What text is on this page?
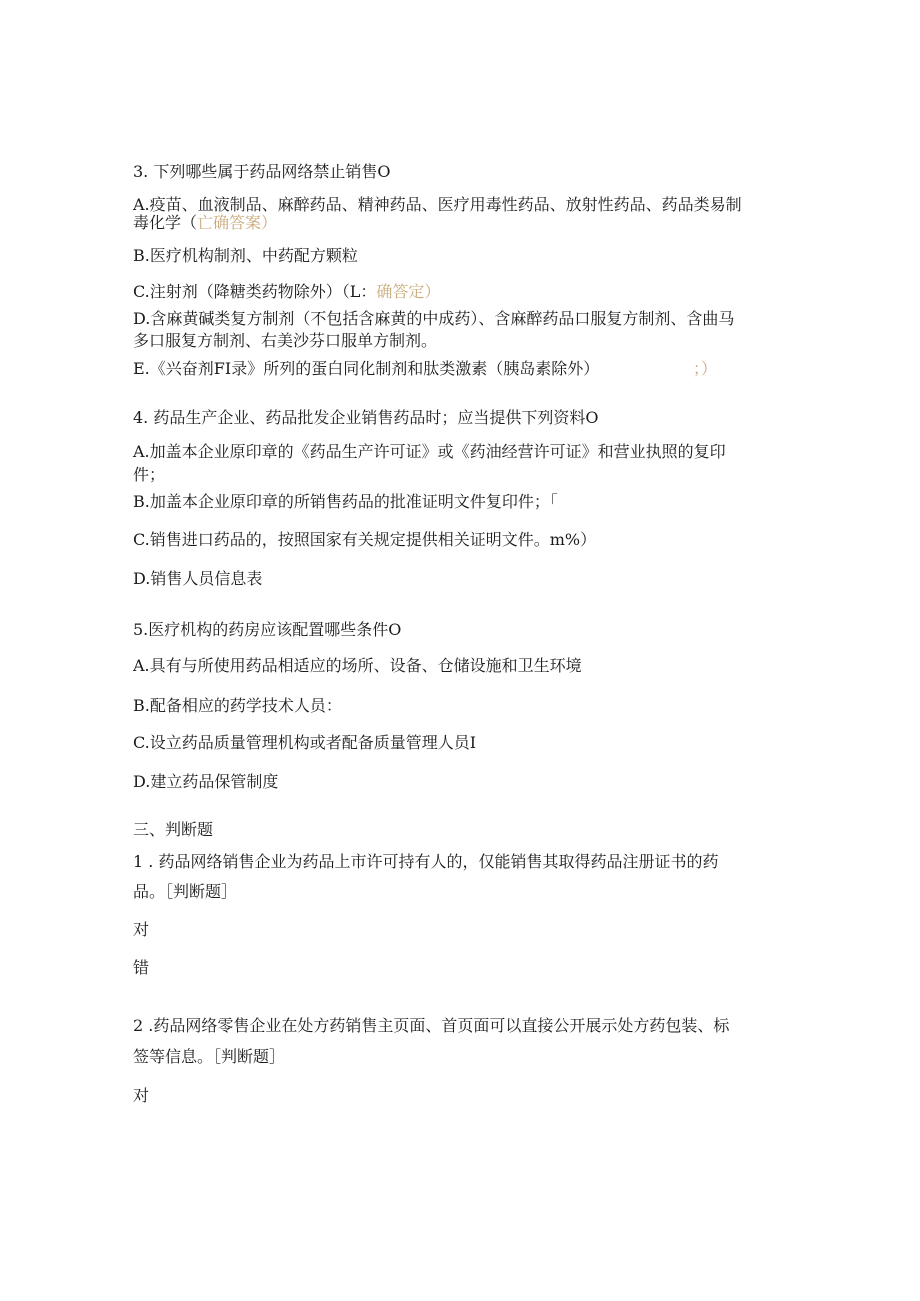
3. 下列哪些属于药品网络禁止销售O
A.疫苗、血液制品、麻醉药品、精神药品、医疗用毒性药品、放射性药品、药品类易制
毒化学（亡确答案）
B.医疗机构制剂、中药配方颗粒
C.注射剂（降糖类药物除外）（L：确答定）
D.含麻黄碱类复方制剂（不包括含麻黄的中成药）、含麻醉药品口服复方制剂、含曲马
多口服复方制剂、右美沙芬口服单方制剂。
E.《兴奋剂FI录》所列的蛋白同化制剂和肽类激素（胰岛素除外）	；）
4. 药品生产企业、药品批发企业销售药品时；应当提供下列资料O
A.加盖本企业原印章的《药品生产许可证》或《药油经营许可证》和营业执照的复印
件；
B.加盖本企业原印章的所销售药品的批准证明文件复印件；「
C.销售进口药品的，按照国家有关规定提供相关证明文件。m%）
D.销售人员信息表
5.医疗机构的药房应该配置哪些条件O
A.具有与所使用药品相适应的场所、设备、仓储设施和卫生环境
B.配备相应的药学技术人员：
C.设立药品质量管理机构或者配备质量管理人员I
D.建立药品保管制度
三、判断题
1 . 药品网络销售企业为药品上市许可持有人的，仅能销售其取得药品注册证书的药
品。［判断题］
对
错
2 .药品网络零售企业在处方药销售主页面、首页面可以直接公开展示处方药包装、标
签等信息。［判断题］
对
